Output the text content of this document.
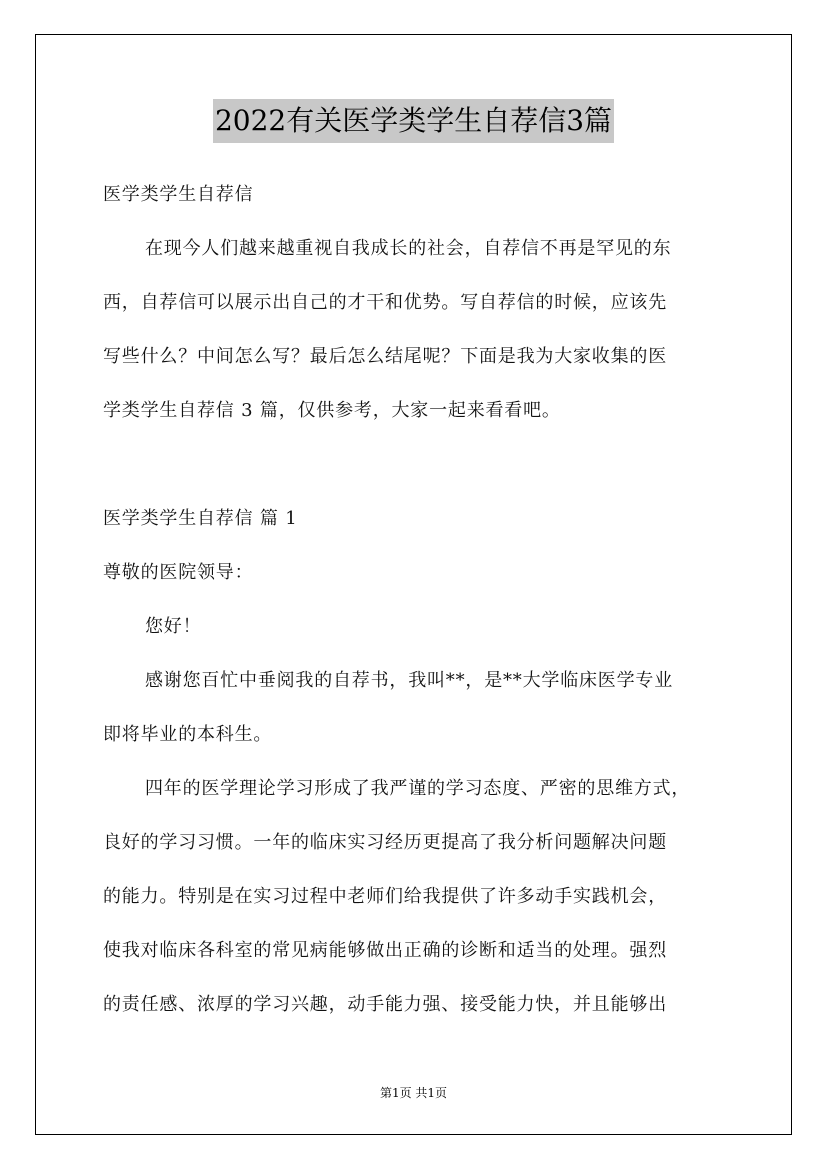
2022有关医学类学生自荐信3篇
医学类学生自荐信
在现今人们越来越重视自我成长的社会，自荐信不再是罕见的东
西，自荐信可以展示出自己的才干和优势。写自荐信的时候，应该先
写些什么？中间怎么写？最后怎么结尾呢？下面是我为大家收集的医
学类学生自荐信 3 篇，仅供参考，大家一起来看看吧。
医学类学生自荐信 篇 1
尊敬的医院领导：
您好！
感谢您百忙中垂阅我的自荐书，我叫**，是**大学临床医学专业
即将毕业的本科生。
四年的医学理论学习形成了我严谨的学习态度、严密的思维方式，
良好的学习习惯。一年的临床实习经历更提高了我分析问题解决问题
的能力。特别是在实习过程中老师们给我提供了许多动手实践机会，
使我对临床各科室的常见病能够做出正确的诊断和适当的处理。强烈
的责任感、浓厚的学习兴趣，动手能力强、接受能力快，并且能够出
第1页 共1页
